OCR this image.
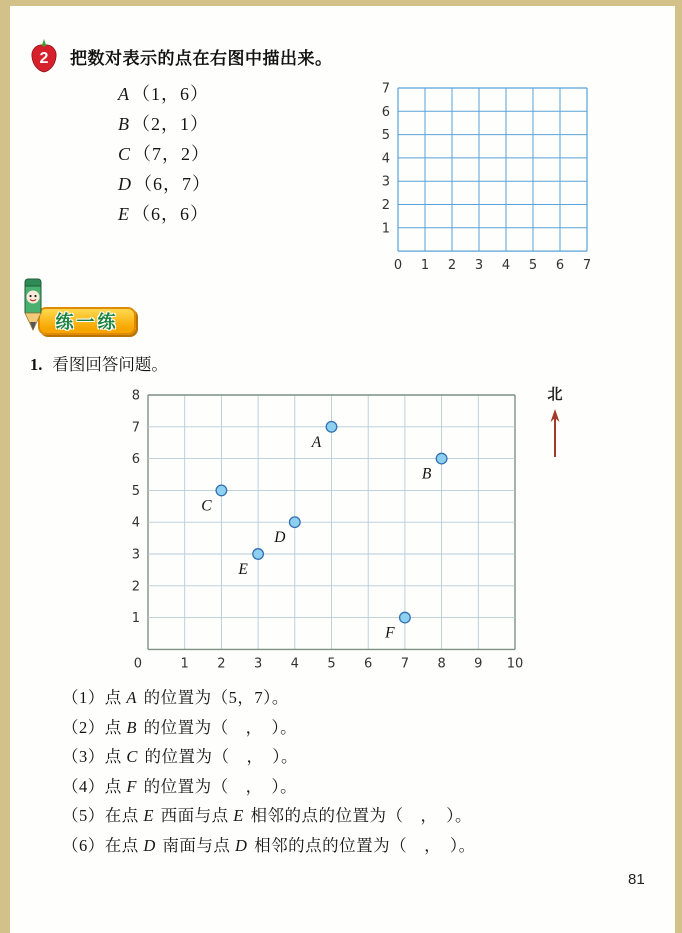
2 把数对表示的点在右图中描出来。
A （1，6）
B （2，1）
C （7，2）
D （6，7）
E （6，6）
7
6
5
4
3
2
1
0 1 2 3 4 5 6 7
练一练
1. 看图回答问题。
8
7
6
5
4
3
2
1
0	1 2 3 4 5 6 7 8 9 10
A
B
C
D
E
F
北
（1）点 A 的位置为（5，7）。
（2）点 B 的位置为（　，　）。
（3）点 C 的位置为（　，　）。
（4）点 F 的位置为（　，　）。
（5）在点 E 西面与点 E 相邻的点的位置为（　，　）。
（6）在点 D 南面与点 D 相邻的点的位置为（　，　）。
81
